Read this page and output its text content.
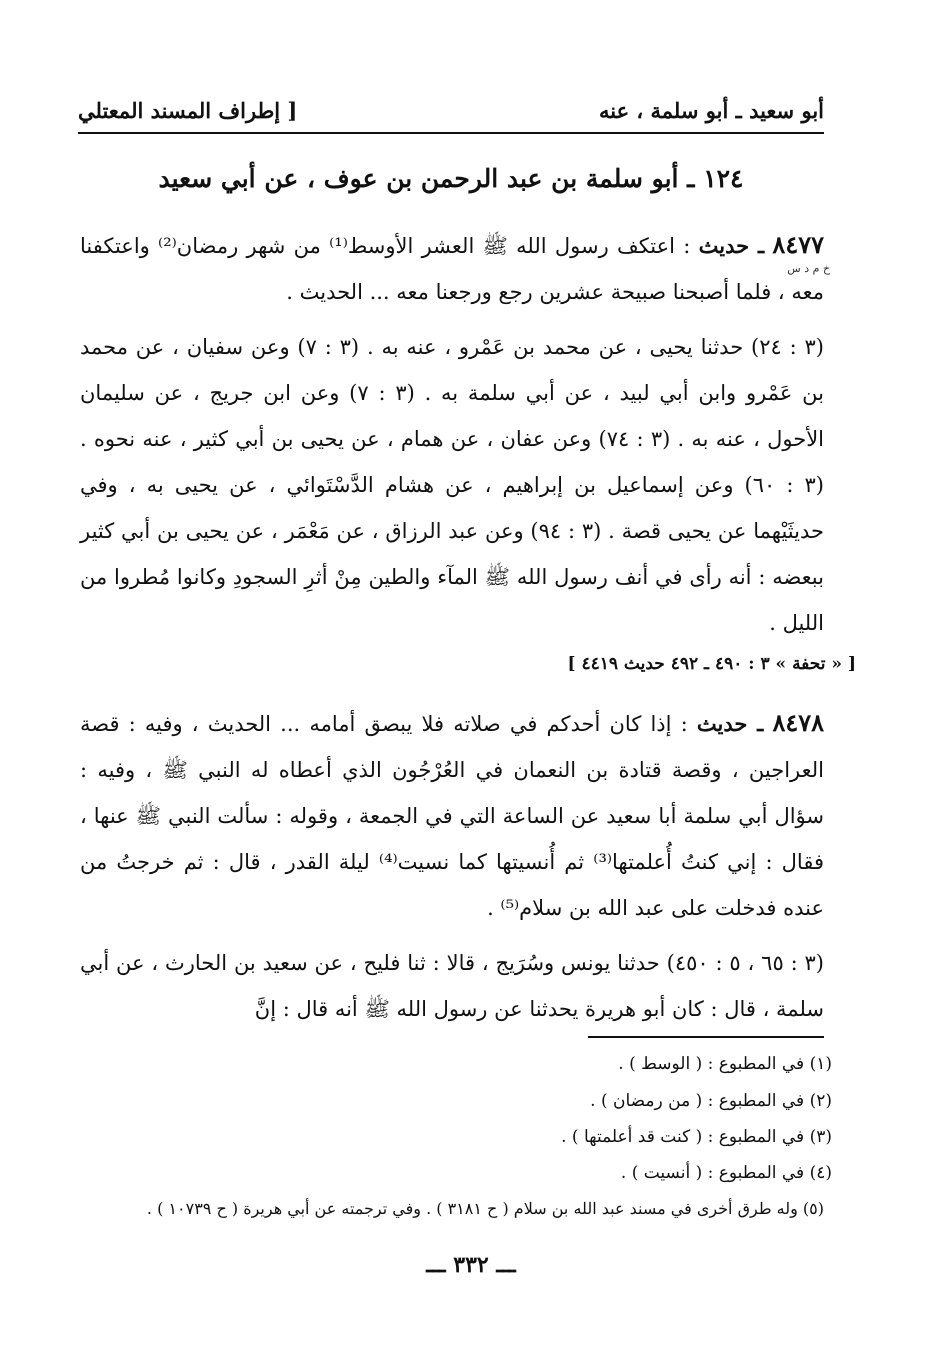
أبو سعيد ـ أبو سلمة ، عنه
[ إطراف المسند المعتلي
١٢٤ ـ أبو سلمة بن عبد الرحمن بن عوف ، عن أبي سعيد
٨٤٧٧ ـ حديث : اعتكف رسول الله ﷺ العشر الأوسط⁽¹⁾ من شهر رمضان⁽²⁾ واعتكفنا معه ، فلما أصبحنا صبيحة عشرين رجع ورجعنا معه ... الحديث .
خ م د س
(٣ : ٢٤) حدثنا يحيى ، عن محمد بن عَمْرو ، عنه به . (٣ : ٧) وعن سفيان ، عن محمد بن عَمْرو وابن أبي لبيد ، عن أبي سلمة به . (٣ : ٧) وعن ابن جريج ، عن سليمان الأحول ، عنه به . (٣ : ٧٤) وعن عفان ، عن همام ، عن يحيى بن أبي كثير ، عنه نحوه . (٣ : ٦٠) وعن إسماعيل بن إبراهيم ، عن هشام الدَّسْتَوائي ، عن يحيى به ، وفي حديثَيْهما عن يحيى قصة . (٣ : ٩٤) وعن عبد الرزاق ، عن مَعْمَر ، عن يحيى بن أبي كثير ببعضه : أنه رأى في أنف رسول الله ﷺ المآء والطين مِنْ أثرِ السجودِ وكانوا مُطروا من الليل .
[ « تحفة » ٣ : ٤٩٠ ـ ٤٩٢ حديث ٤٤١٩ ]
٨٤٧٨ ـ حديث : إذا كان أحدكم في صلاته فلا يبصق أمامه ... الحديث ، وفيه : قصة العراجين ، وقصة قتادة بن النعمان في العُرْجُون الذي أعطاه له النبي ﷺ ، وفيه : سؤال أبي سلمة أبا سعيد عن الساعة التي في الجمعة ، وقوله : سألت النبي ﷺ عنها ، فقال : إني كنتُ أُعلمتها⁽³⁾ ثم أُنسيتها كما نسيت⁽⁴⁾ ليلة القدر ، قال : ثم خرجتُ من عنده فدخلت على عبد الله بن سلام⁽⁵⁾ .
(٣ : ٦٥ ، ٥ : ٤٥٠) حدثنا يونس وسُرَيج ، قالا : ثنا فليح ، عن سعيد بن الحارث ، عن أبي سلمة ، قال : كان أبو هريرة يحدثنا عن رسول الله ﷺ أنه قال : إنَّ
(١) في المطبوع : ( الوسط ) .
(٢) في المطبوع : ( من رمضان ) .
(٣) في المطبوع : ( كنت قد أعلمتها ) .
(٤) في المطبوع : ( أنسيت ) .
(٥) وله طرق أخرى في مسند عبد الله بن سلام ( ح ٣١٨١ ) . وفي ترجمته عن أبي هريرة ( ح ١٠٧٣٩ ) .
ـــ ٣٣٢ ـــ
